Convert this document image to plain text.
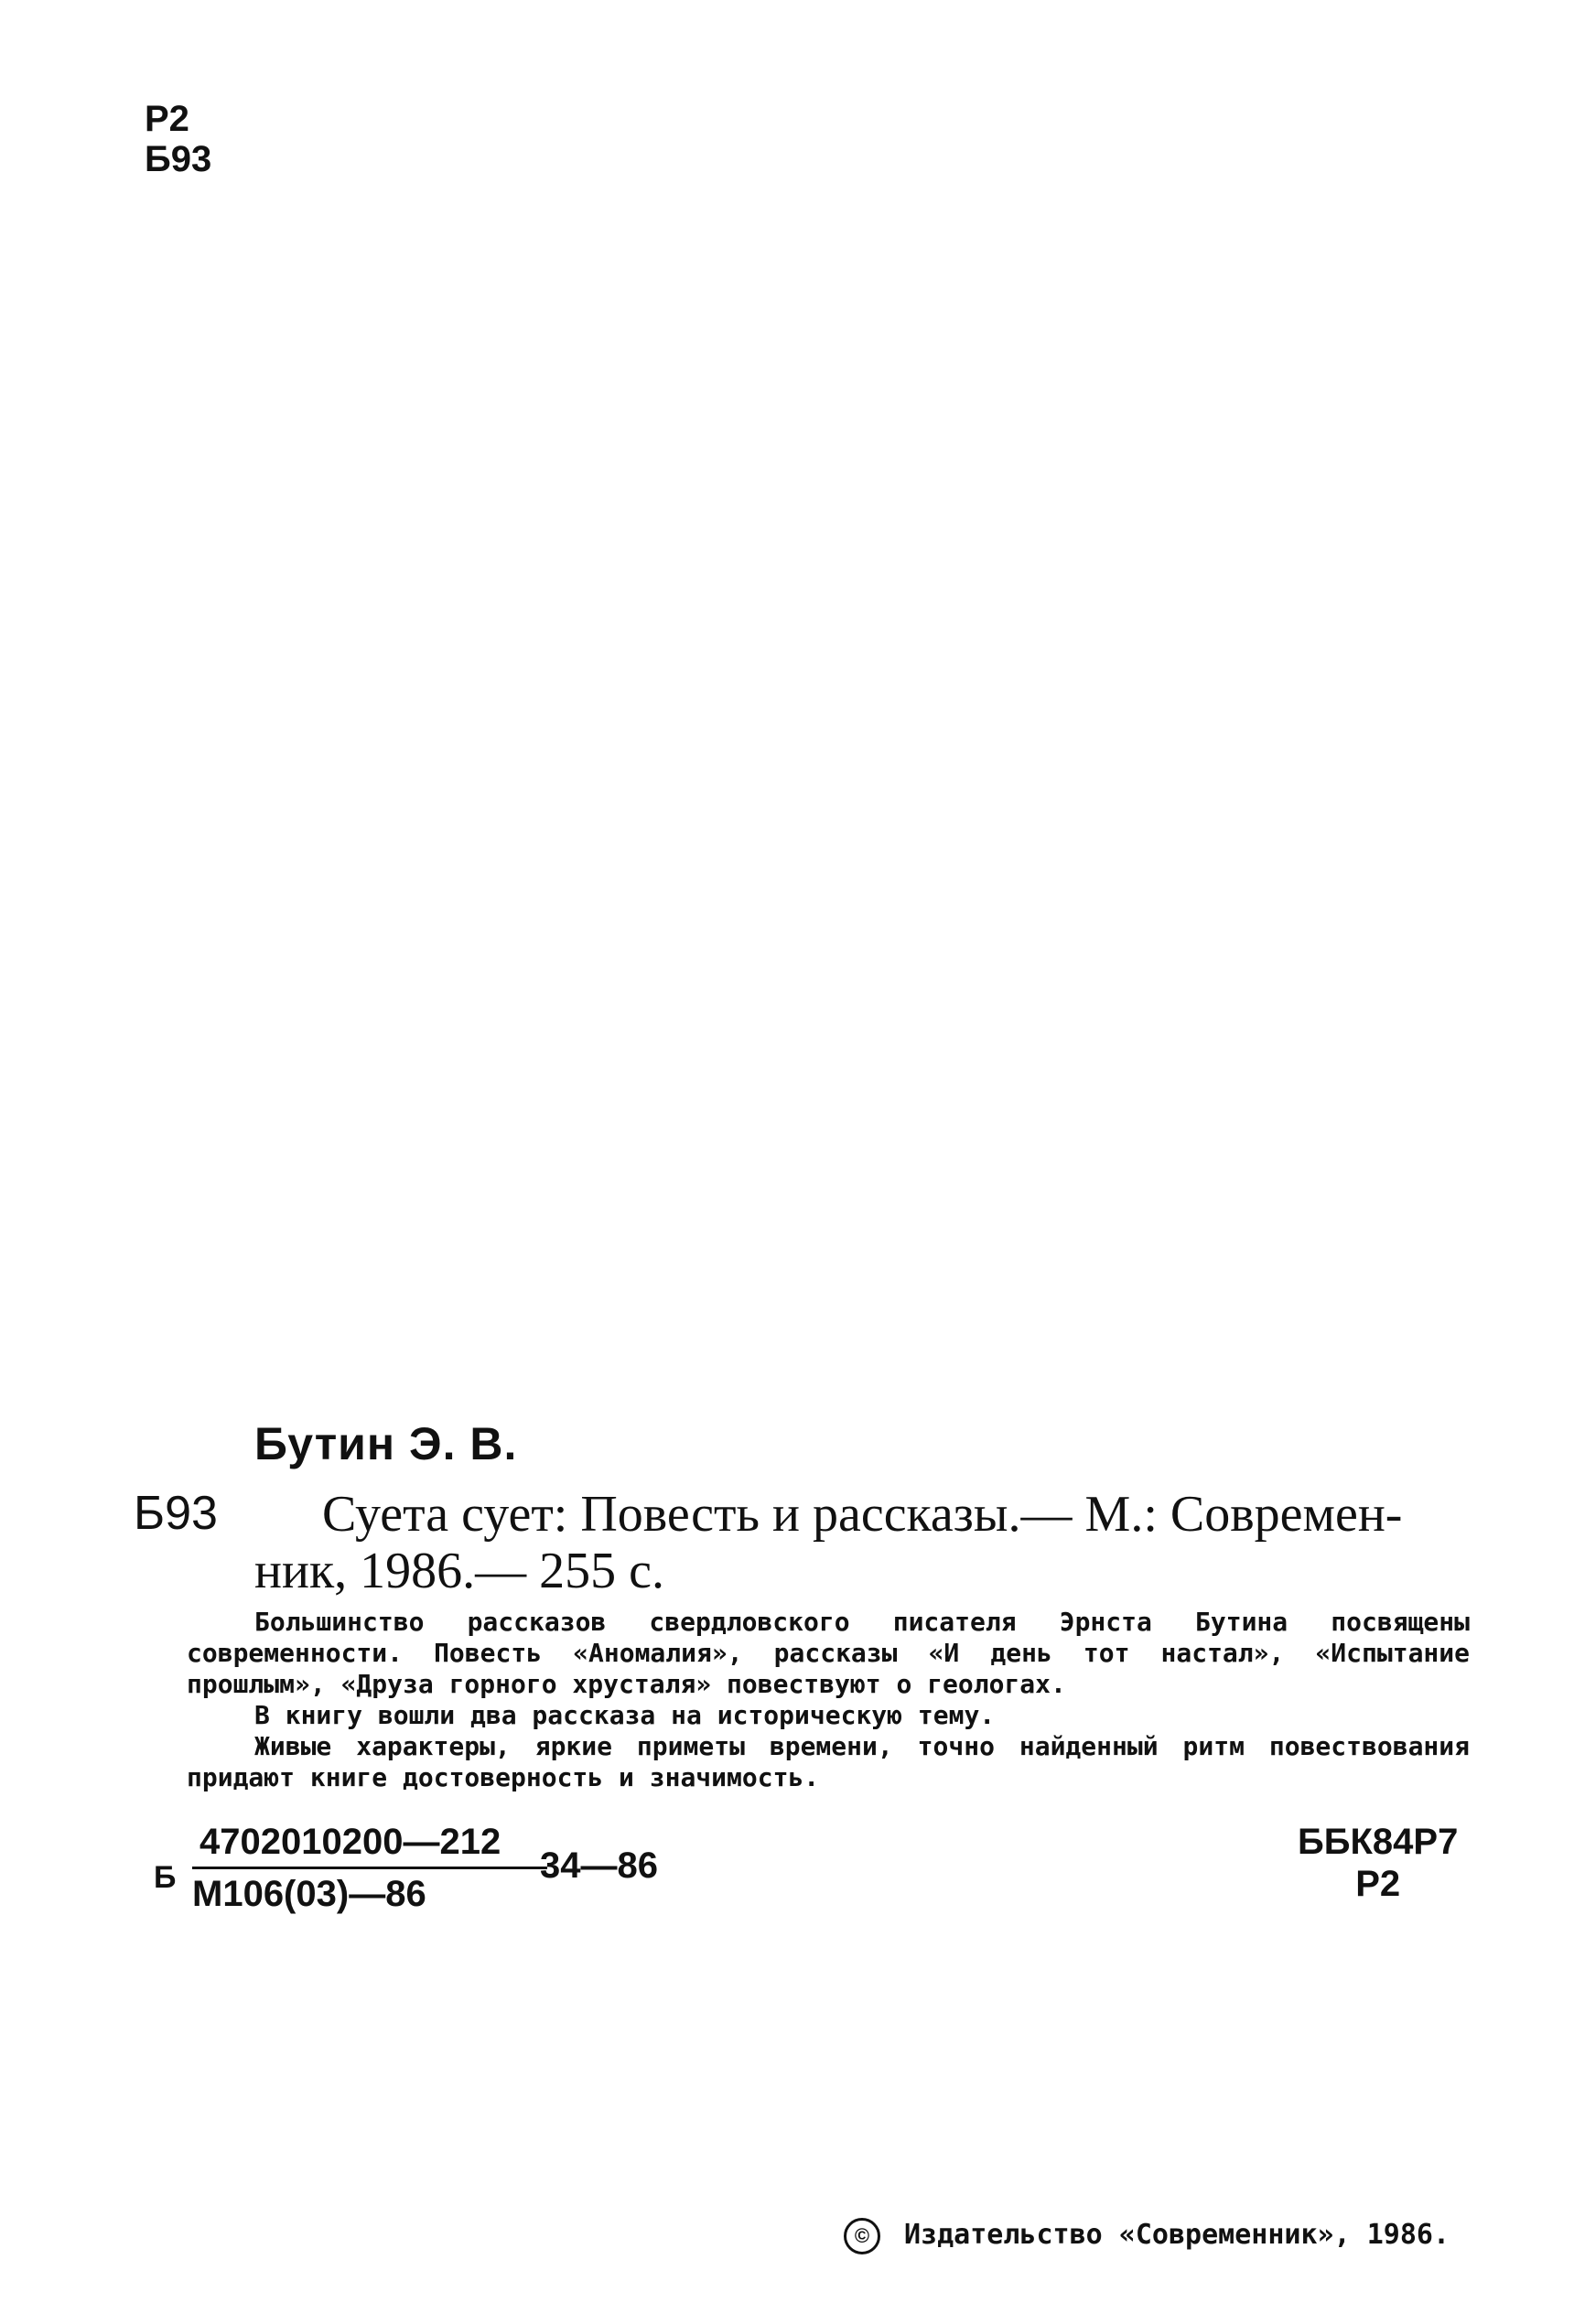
Р2
Б93
Бутин Э. В.
Б93 Суета сует: Повесть и рассказы.— М.: Современ-
ник, 1986.— 255 с.

Большинство рассказов свердловского писателя Эрнста Бутина посвящены современности. Повесть «Аномалия», рассказы «И день тот настал», «Испытание прошлым», «Друза горного хрусталя» повествуют о геологах.

В книгу вошли два рассказа на историческую тему.

Живые характеры, яркие приметы времени, точно найденный ритм повествования придают книге достоверность и значимость.

Б
4702010200—212
М106(03)—86
34—86
ББК84Р7
Р2
© Издательство «Современник», 1986.
